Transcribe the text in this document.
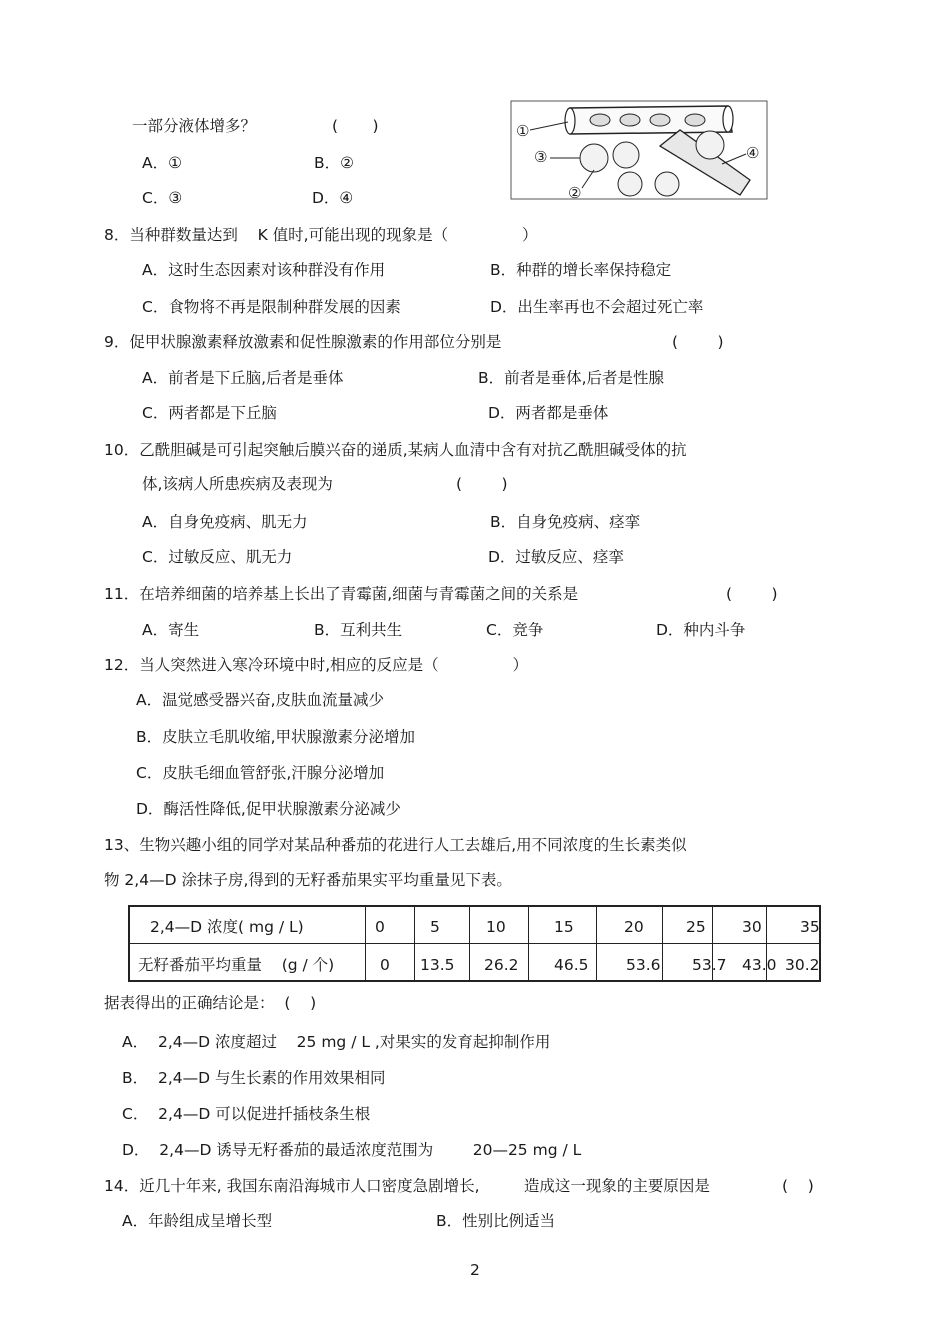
一部分液体增多？	(       )
A．①	B．②
C．③	D．④
①
③
②
④
8．当种群数量达到    K 值时,可能出现的现象是（               ）
A．这时生态因素对该种群没有作用	B．种群的增长率保持稳定
C．食物将不再是限制种群发展的因素	D．出生率再也不会超过死亡率
9．促甲状腺激素释放激素和促性腺激素的作用部位分别是	(        )
A．前者是下丘脑,后者是垂体	B．前者是垂体,后者是性腺
C．两者都是下丘脑	D．两者都是垂体
10．乙酰胆碱是可引起突触后膜兴奋的递质,某病人血清中含有对抗乙酰胆碱受体的抗
体,该病人所患疾病及表现为	(        )
A．自身免疫病、肌无力	B．自身免疫病、痉挛
C．过敏反应、肌无力	D．过敏反应、痉挛
11．在培养细菌的培养基上长出了青霉菌,细菌与青霉菌之间的关系是	(        )
A．寄生	B．互利共生	C．竞争	D．种内斗争
12．当人突然进入寒冷环境中时,相应的反应是（               ）
A．温觉感受器兴奋,皮肤血流量减少
B．皮肤立毛肌收缩,甲状腺激素分泌增加
C．皮肤毛细血管舒张,汗腺分泌增加
D．酶活性降低,促甲状腺激素分泌减少
13、生物兴趣小组的同学对某品种番茄的花进行人工去雄后,用不同浓度的生长素类似
物 2,4—D 涂抹子房,得到的无籽番茄果实平均重量见下表。
2,4—D 浓度( mg / L)	0	5	10	15	20	25 30 35
无籽番茄平均重量    (g / 个)	0 13.5 26.2 46.5 53.6 53.7 43.0 30.2
据表得出的正确结论是：  (    )
A．  2,4—D 浓度超过    25 mg / L ,对果实的发育起抑制作用
B．  2,4—D 与生长素的作用效果相同
C．  2,4—D 可以促进扦插枝条生根
D．  2,4—D 诱导无籽番茄的最适浓度范围为        20—25 mg / L
14．近几十年来, 我国东南沿海城市人口密度急剧增长,         造成这一现象的主要原因是	(    )
A．年龄组成呈增长型	B．性别比例适当
2
